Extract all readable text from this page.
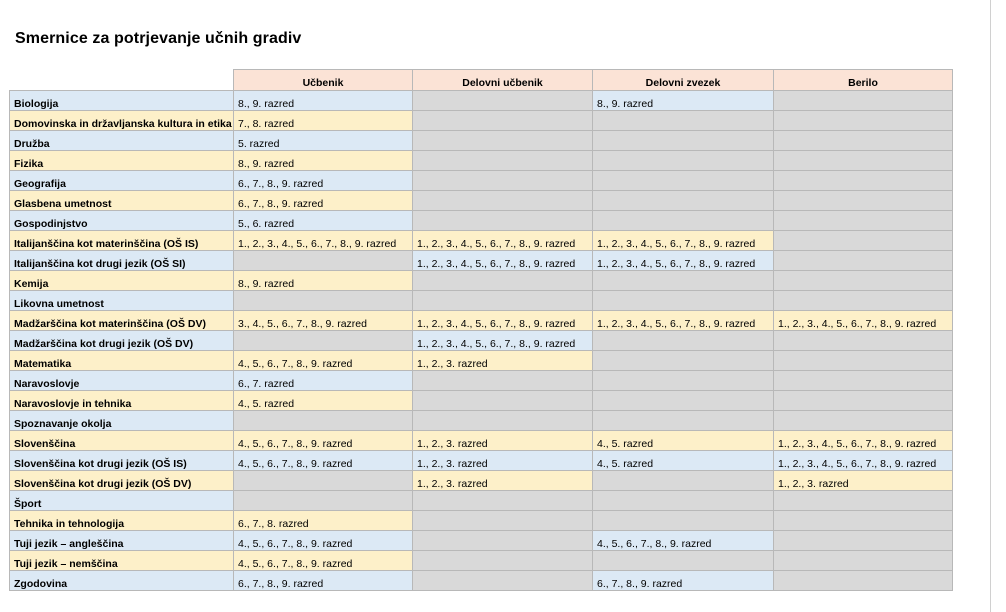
Smernice za potrjevanje učnih gradiv
	Učbenik	Delovni učbenik	Delovni zvezek	Berilo
Biologija	8., 9. razred		8., 9. razred	
Domovinska in državljanska kultura in etika	7., 8. razred			
Družba	5. razred			
Fizika	8., 9. razred			
Geografija	6., 7., 8., 9. razred			
Glasbena umetnost	6., 7., 8., 9. razred			
Gospodinjstvo	5., 6. razred			
Italijanščina kot materinščina (OŠ IS)	1., 2., 3., 4., 5., 6., 7., 8., 9. razred	1., 2., 3., 4., 5., 6., 7., 8., 9. razred	1., 2., 3., 4., 5., 6., 7., 8., 9. razred	
Italijanščina kot drugi jezik (OŠ SI)		1., 2., 3., 4., 5., 6., 7., 8., 9. razred	1., 2., 3., 4., 5., 6., 7., 8., 9. razred	
Kemija	8., 9. razred			
Likovna umetnost				
Madžarščina kot materinščina (OŠ DV)	3., 4., 5., 6., 7., 8., 9. razred	1., 2., 3., 4., 5., 6., 7., 8., 9. razred	1., 2., 3., 4., 5., 6., 7., 8., 9. razred	1., 2., 3., 4., 5., 6., 7., 8., 9. razred
Madžarščina kot drugi jezik (OŠ DV)		1., 2., 3., 4., 5., 6., 7., 8., 9. razred		
Matematika	4., 5., 6., 7., 8., 9. razred	1., 2., 3. razred		
Naravoslovje	6., 7. razred			
Naravoslovje in tehnika	4., 5. razred			
Spoznavanje okolja				
Slovenščina	4., 5., 6., 7., 8., 9. razred	1., 2., 3. razred	4., 5. razred	1., 2., 3., 4., 5., 6., 7., 8., 9. razred
Slovenščina kot drugi jezik (OŠ IS)	4., 5., 6., 7., 8., 9. razred	1., 2., 3. razred	4., 5. razred	1., 2., 3., 4., 5., 6., 7., 8., 9. razred
Slovenščina kot drugi jezik (OŠ DV)		1., 2., 3. razred		1., 2., 3. razred
Šport				
Tehnika in tehnologija	6., 7., 8. razred			
Tuji jezik – angleščina	4., 5., 6., 7., 8., 9. razred		4., 5., 6., 7., 8., 9. razred	
Tuji jezik – nemščina	4., 5., 6., 7., 8., 9. razred			
Zgodovina	6., 7., 8., 9. razred		6., 7., 8., 9. razred	
